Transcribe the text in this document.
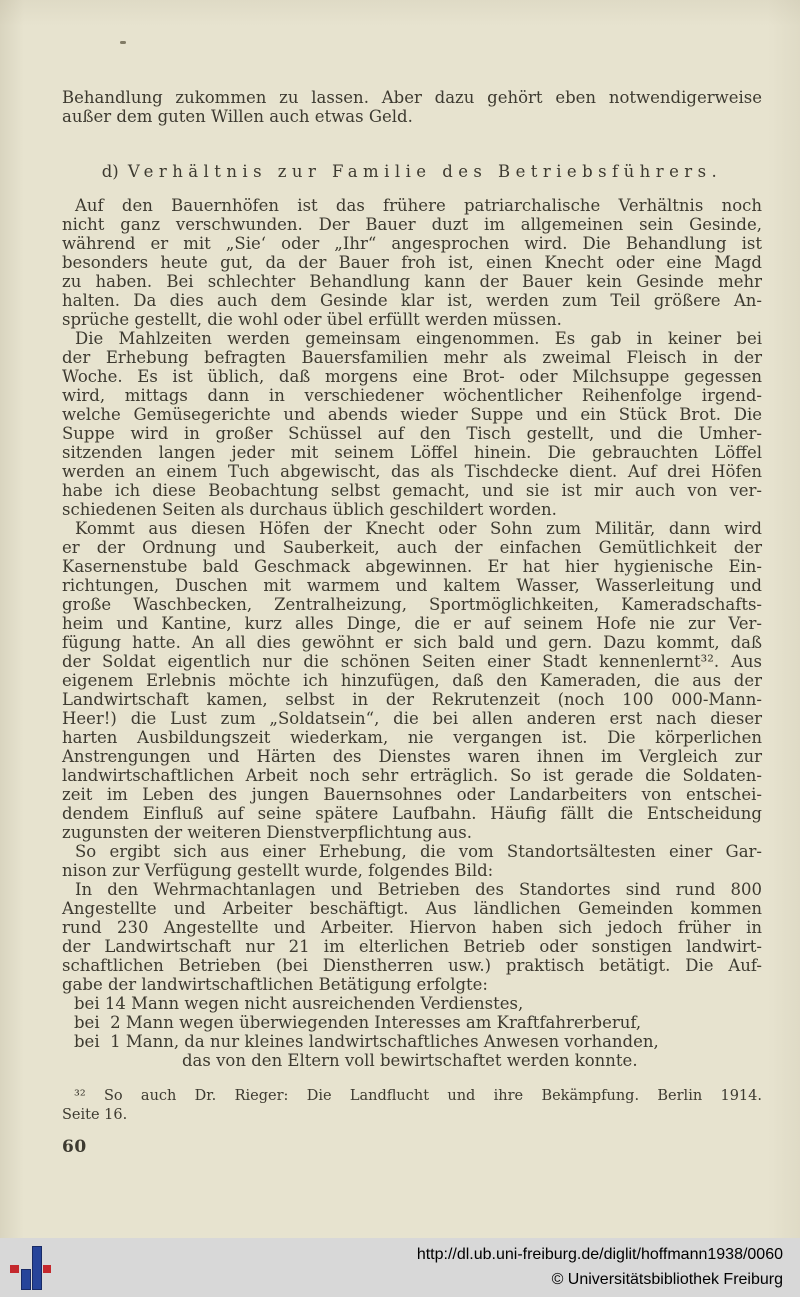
Behandlung zukommen zu lassen. Aber dazu gehört eben notwendigerweise
außer dem guten Willen auch etwas Geld.
d) Verhältnis zur Familie des Betriebsführers.
Auf den Bauernhöfen ist das frühere patriarchalische Verhältnis noch
nicht ganz verschwunden. Der Bauer duzt im allgemeinen sein Gesinde,
während er mit „Sie‘ oder „Ihr“ angesprochen wird. Die Behandlung ist
besonders heute gut, da der Bauer froh ist, einen Knecht oder eine Magd
zu haben. Bei schlechter Behandlung kann der Bauer kein Gesinde mehr
halten. Da dies auch dem Gesinde klar ist, werden zum Teil größere An-
sprüche gestellt, die wohl oder übel erfüllt werden müssen.
Die Mahlzeiten werden gemeinsam eingenommen. Es gab in keiner bei
der Erhebung befragten Bauersfamilien mehr als zweimal Fleisch in der
Woche. Es ist üblich, daß morgens eine Brot- oder Milchsuppe gegessen
wird, mittags dann in verschiedener wöchentlicher Reihenfolge irgend-
welche Gemüsegerichte und abends wieder Suppe und ein Stück Brot. Die
Suppe wird in großer Schüssel auf den Tisch gestellt, und die Umher-
sitzenden langen jeder mit seinem Löffel hinein. Die gebrauchten Löffel
werden an einem Tuch abgewischt, das als Tischdecke dient. Auf drei Höfen
habe ich diese Beobachtung selbst gemacht, und sie ist mir auch von ver-
schiedenen Seiten als durchaus üblich geschildert worden.
Kommt aus diesen Höfen der Knecht oder Sohn zum Militär, dann wird
er der Ordnung und Sauberkeit, auch der einfachen Gemütlichkeit der
Kasernenstube bald Geschmack abgewinnen. Er hat hier hygienische Ein-
richtungen, Duschen mit warmem und kaltem Wasser, Wasserleitung und
große Waschbecken, Zentralheizung, Sportmöglichkeiten, Kameradschafts-
heim und Kantine, kurz alles Dinge, die er auf seinem Hofe nie zur Ver-
fügung hatte. An all dies gewöhnt er sich bald und gern. Dazu kommt, daß
der Soldat eigentlich nur die schönen Seiten einer Stadt kennenlernt³². Aus
eigenem Erlebnis möchte ich hinzufügen, daß den Kameraden, die aus der
Landwirtschaft kamen, selbst in der Rekrutenzeit (noch 100 000-Mann-
Heer!) die Lust zum „Soldatsein“, die bei allen anderen erst nach dieser
harten Ausbildungszeit wiederkam, nie vergangen ist. Die körperlichen
Anstrengungen und Härten des Dienstes waren ihnen im Vergleich zur
landwirtschaftlichen Arbeit noch sehr erträglich. So ist gerade die Soldaten-
zeit im Leben des jungen Bauernsohnes oder Landarbeiters von entschei-
dendem Einfluß auf seine spätere Laufbahn. Häufig fällt die Entscheidung
zugunsten der weiteren Dienstverpflichtung aus.
So ergibt sich aus einer Erhebung, die vom Standortsältesten einer Gar-
nison zur Verfügung gestellt wurde, folgendes Bild:
In den Wehrmachtanlagen und Betrieben des Standortes sind rund 800
Angestellte und Arbeiter beschäftigt. Aus ländlichen Gemeinden kommen
rund 230 Angestellte und Arbeiter. Hiervon haben sich jedoch früher in
der Landwirtschaft nur 21 im elterlichen Betrieb oder sonstigen landwirt-
schaftlichen Betrieben (bei Dienstherren usw.) praktisch betätigt. Die Auf-
gabe der landwirtschaftlichen Betätigung erfolgte:
bei 14 Mann wegen nicht ausreichenden Verdienstes,
bei  2 Mann wegen überwiegenden Interesses am Kraftfahrerberuf,
bei  1 Mann, da nur kleines landwirtschaftliches Anwesen vorhanden,
das von den Eltern voll bewirtschaftet werden konnte.
³² So auch Dr. Rieger: Die Landflucht und ihre Bekämpfung. Berlin 1914.
Seite 16.
60
http://dl.ub.uni-freiburg.de/diglit/hoffmann1938/0060
© Universitätsbibliothek Freiburg
